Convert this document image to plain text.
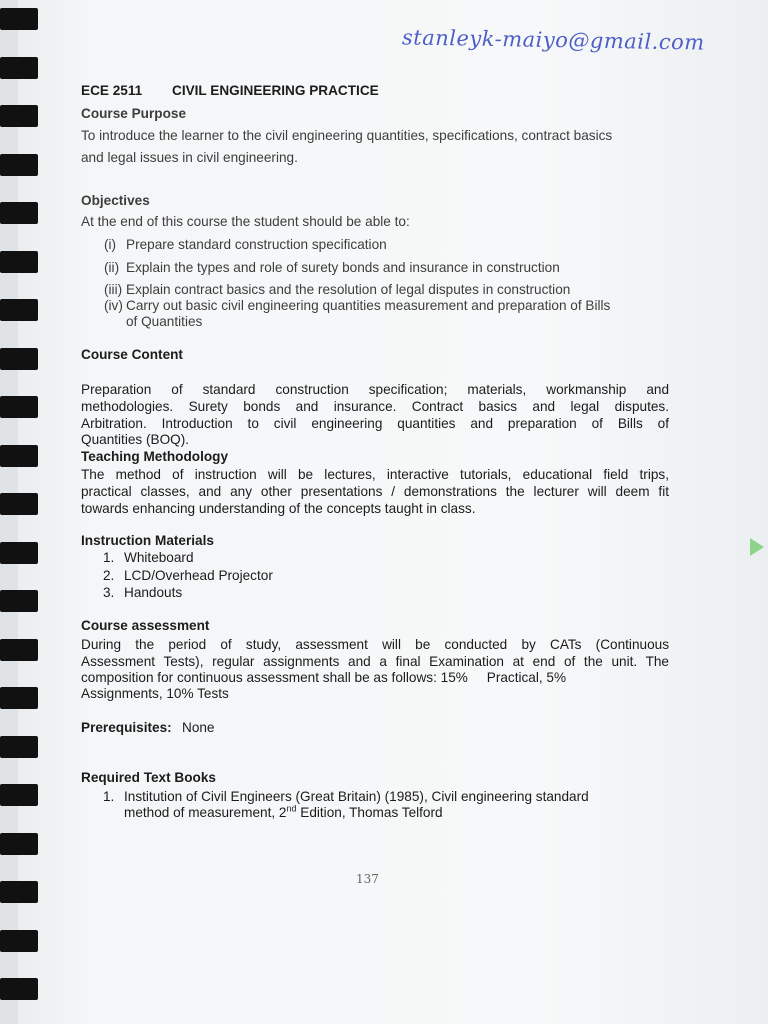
stanleyk-maiyo@gmail.com
ECE 2511 CIVIL ENGINEERING PRACTICE
Course Purpose
To introduce the learner to the civil engineering quantities, specifications, contract basics
and legal issues in civil engineering.
Objectives
At the end of this course the student should be able to:
(i) Prepare standard construction specification
(ii) Explain the types and role of surety bonds and insurance in construction
(iii) Explain contract basics and the resolution of legal disputes in construction
(iv) Carry out basic civil engineering quantities measurement and preparation of Bills
of Quantities
Course Content
Preparation of standard construction specification; materials, workmanship and
methodologies. Surety bonds and insurance. Contract basics and legal disputes.
Arbitration. Introduction to civil engineering quantities and preparation of Bills of
Quantities (BOQ).
Teaching Methodology
The method of instruction will be lectures, interactive tutorials, educational field trips,
practical classes, and any other presentations / demonstrations the lecturer will deem fit
towards enhancing understanding of the concepts taught in class.
Instruction Materials
1. Whiteboard
2. LCD/Overhead Projector
3. Handouts
Course assessment
During the period of study, assessment will be conducted by CATs (Continuous
Assessment Tests), regular assignments and a final Examination at end of the unit. The
composition for continuous assessment shall be as follows: 15%     Practical, 5%
Assignments, 10% Tests
Prerequisites: None
Required Text Books
1. Institution of Civil Engineers (Great Britain) (1985), Civil engineering standard
method of measurement, 2nd Edition, Thomas Telford
137
